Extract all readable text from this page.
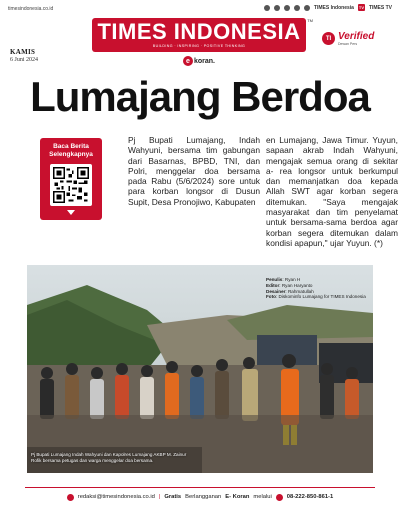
timesindonesia.co.id	TIMES Indonesia TV TIMES TV
KAMIS
6 Juni 2024
TIMES INDONESIA
BUILDING · INSPIRING · POSITIVE THINKING
TM
e koran.
TI Verified
Dewan Pers
Lumajang Berdoa
Baca Berita
Selengkapnya

Pj Bupati Lumajang, Indah Wahyuni, bersama tim gabungan dari Basarnas, BPBD, TNI, dan Polri, menggelar doa bersama pada Rabu (5/6/2024) sore untuk para korban longsor di Dusun Supit, Desa Pronojiwo, Kabupaten

en Lumajang, Jawa Timur. Yuyun, sapaan akrab Indah Wahyuni, mengajak semua orang di sekitar a- rea longsor untuk berkumpul dan memanjatkan doa kepada Allah SWT agar korban segera ditemukan. "Saya mengajak masyarakat dan tim penyelamat untuk bersama-sama berdoa agar korban segera ditemukan dalam kondisi apapun," ujar Yuyun. (*)

Pj Bupati Lumajang Indah Wahyuni dan Kapolres Lumajang AKBP M. Zainur Rofik bersama petugas dan warga menggelar doa bersama.
Penulis: Ryan H
Editor: Ryan Haryanto
Desainer: Rahmatullah
Foto: Diskominfo Lumajang for TIMES Indonesia
redaksi@timesindonesia.co.id | Gratis Berlangganan E- Koran melalui	08-222-850-861-1
